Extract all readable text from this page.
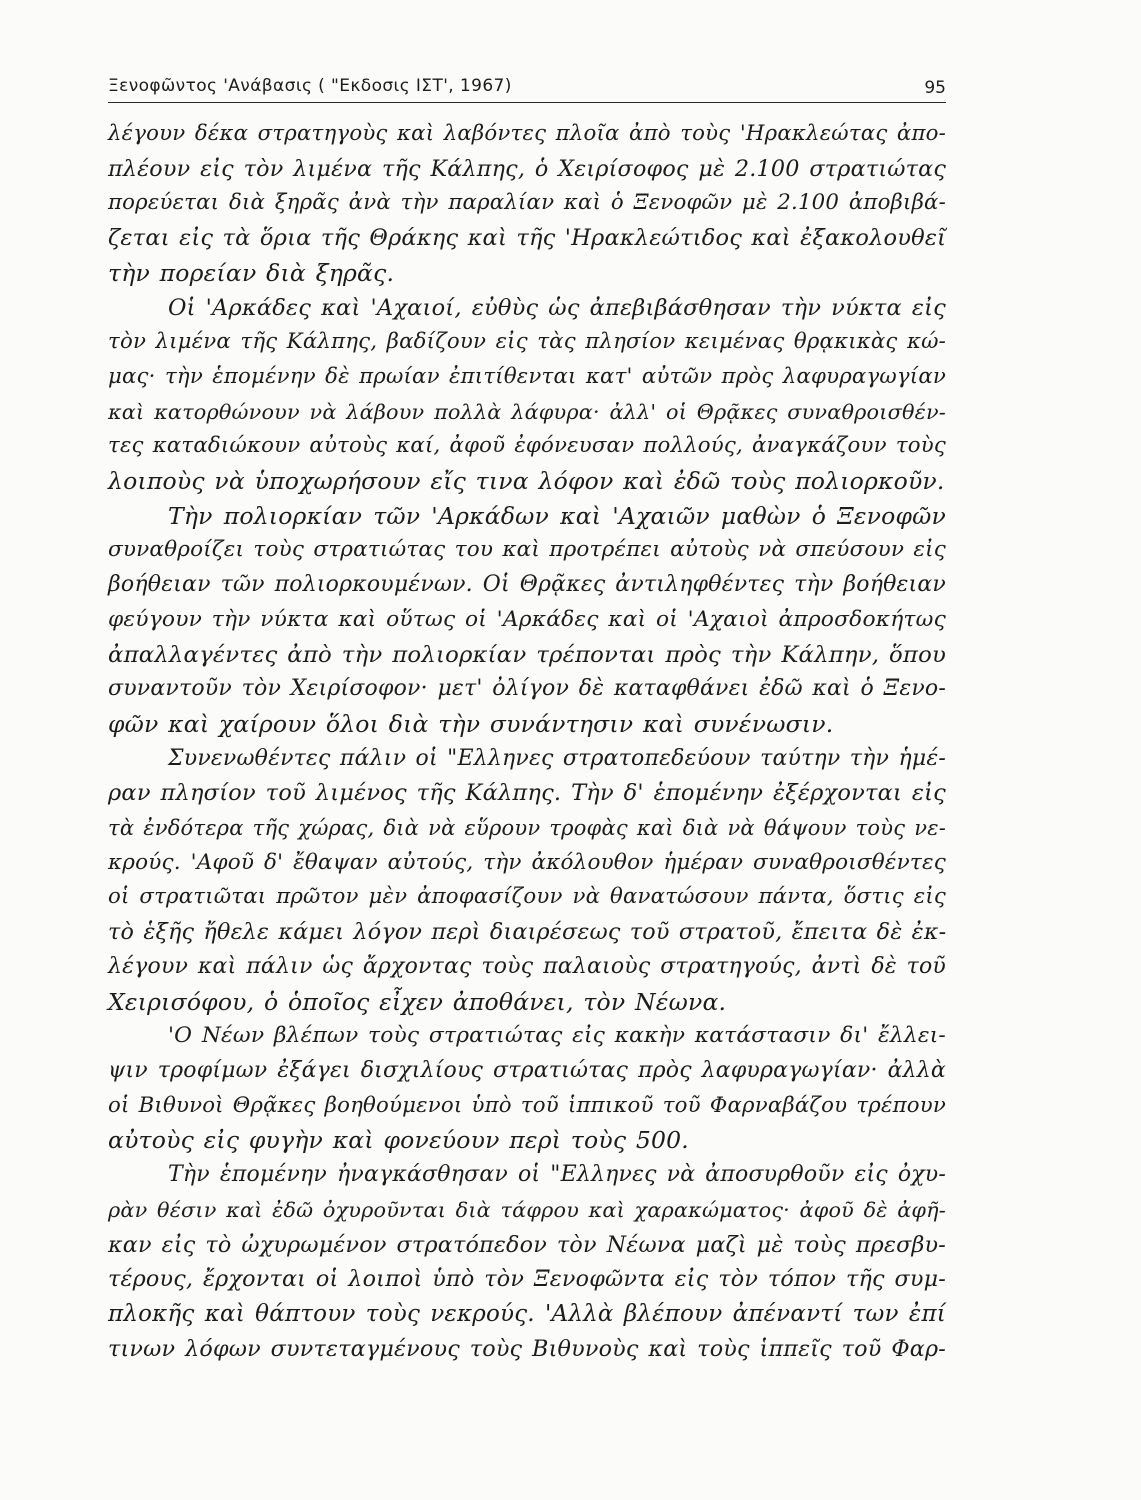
Ξενοφῶντος 'Ανάβασις ( "Εκδοσις ΙΣΤ', 1967)	95
λέγουν δέκα στρατηγοὺς καὶ λαβόντες πλοῖα ἀπὸ τοὺς 'Ηρακλεώτας ἀπο-
πλέουν εἰς τὸν λιμένα τῆς Κάλπης, ὁ Χειρίσοφος μὲ 2.100 στρατιώτας
πορεύεται διὰ ξηρᾶς ἀνὰ τὴν παραλίαν καὶ ὁ Ξενοφῶν μὲ 2.100 ἀποβιβά-
ζεται εἰς τὰ ὅρια τῆς Θράκης καὶ τῆς 'Ηρακλεώτιδος καὶ ἐξακολουθεῖ
τὴν πορείαν διὰ ξηρᾶς.
Οἱ 'Αρκάδες καὶ 'Αχαιοί, εὐθὺς ὡς ἀπεβιβάσθησαν τὴν νύκτα εἰς
τὸν λιμένα τῆς Κάλπης, βαδίζουν εἰς τὰς πλησίον κειμένας θρᾳκικὰς κώ-
μας· τὴν ἑπομένην δὲ πρωίαν ἐπιτίθενται κατ' αὐτῶν πρὸς λαφυραγωγίαν
καὶ κατορθώνουν νὰ λάβουν πολλὰ λάφυρα· ἀλλ' οἱ Θρᾷκες συναθροισθέν-
τες καταδιώκουν αὐτοὺς καί, ἀφοῦ ἐφόνευσαν πολλούς, ἀναγκάζουν τοὺς
λοιποὺς νὰ ὑποχωρήσουν εἴς τινα λόφον καὶ ἐδῶ τοὺς πολιορκοῦν.
Τὴν πολιορκίαν τῶν 'Αρκάδων καὶ 'Αχαιῶν μαθὼν ὁ Ξενοφῶν
συναθροίζει τοὺς στρατιώτας του καὶ προτρέπει αὐτοὺς νὰ σπεύσουν εἰς
βοήθειαν τῶν πολιορκουμένων. Οἱ Θρᾷκες ἀντιληφθέντες τὴν βοήθειαν
φεύγουν τὴν νύκτα καὶ οὕτως οἱ 'Αρκάδες καὶ οἱ 'Αχαιοὶ ἀπροσδοκήτως
ἀπαλλαγέντες ἀπὸ τὴν πολιορκίαν τρέπονται πρὸς τὴν Κάλπην, ὅπου
συναντοῦν τὸν Χειρίσοφον· μετ' ὀλίγον δὲ καταφθάνει ἐδῶ καὶ ὁ Ξενο-
φῶν καὶ χαίρουν ὅλοι διὰ τὴν συνάντησιν καὶ συνένωσιν.
Συνενωθέντες πάλιν οἱ "Ελληνες στρατοπεδεύουν ταύτην τὴν ἡμέ-
ραν πλησίον τοῦ λιμένος τῆς Κάλπης. Τὴν δ' ἑπομένην ἐξέρχονται εἰς
τὰ ἐνδότερα τῆς χώρας, διὰ νὰ εὕρουν τροφὰς καὶ διὰ νὰ θάψουν τοὺς νε-
κρούς. 'Αφοῦ δ' ἔθαψαν αὐτούς, τὴν ἀκόλουθον ἡμέραν συναθροισθέντες
οἱ στρατιῶται πρῶτον μὲν ἀποφασίζουν νὰ θανατώσουν πάντα, ὅστις εἰς
τὸ ἑξῆς ἤθελε κάμει λόγον περὶ διαιρέσεως τοῦ στρατοῦ, ἔπειτα δὲ ἐκ-
λέγουν καὶ πάλιν ὡς ἄρχοντας τοὺς παλαιοὺς στρατηγούς, ἀντὶ δὲ τοῦ
Χειρισόφου, ὁ ὁποῖος εἶχεν ἀποθάνει, τὸν Νέωνα.
'Ο Νέων βλέπων τοὺς στρατιώτας εἰς κακὴν κατάστασιν δι' ἔλλει-
ψιν τροφίμων ἐξάγει δισχιλίους στρατιώτας πρὸς λαφυραγωγίαν· ἀλλὰ
οἱ Βιθυνοὶ Θρᾷκες βοηθούμενοι ὑπὸ τοῦ ἱππικοῦ τοῦ Φαρναβάζου τρέπουν
αὐτοὺς εἰς φυγὴν καὶ φονεύουν περὶ τοὺς 500.
Τὴν ἑπομένην ἠναγκάσθησαν οἱ "Ελληνες νὰ ἀποσυρθοῦν εἰς ὀχυ-
ρὰν θέσιν καὶ ἐδῶ ὀχυροῦνται διὰ τάφρου καὶ χαρακώματος· ἀφοῦ δὲ ἀφῆ-
καν εἰς τὸ ὠχυρωμένον στρατόπεδον τὸν Νέωνα μαζὶ μὲ τοὺς πρεσβυ-
τέρους, ἔρχονται οἱ λοιποὶ ὑπὸ τὸν Ξενοφῶντα εἰς τὸν τόπον τῆς συμ-
πλοκῆς καὶ θάπτουν τοὺς νεκρούς. 'Αλλὰ βλέπουν ἀπέναντί των ἐπί
τινων λόφων συντεταγμένους τοὺς Βιθυνοὺς καὶ τοὺς ἱππεῖς τοῦ Φαρ-
